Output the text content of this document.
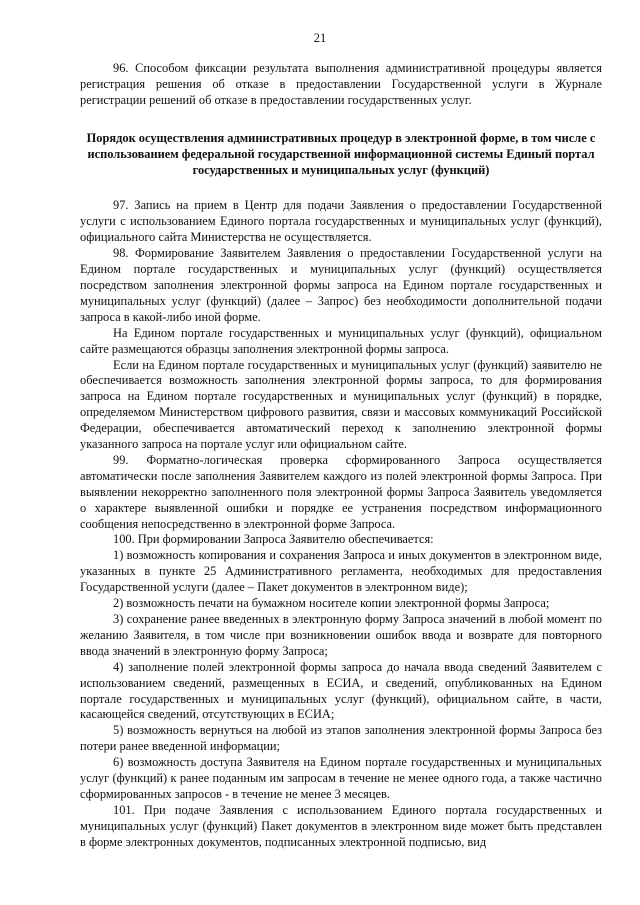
21

96. Способом фиксации результата выполнения административной процедуры является регистрация решения об отказе в предоставлении Государственной услуги в Журнале регистрации решений об отказе в предоставлении государственных услуг.

Порядок осуществления административных процедур в электронной форме, в том числе с использованием федеральной государственной информационной системы Единый портал государственных и муниципальных услуг (функций)

97. Запись на прием в Центр для подачи Заявления о предоставлении Государственной услуги с использованием Единого портала государственных и муниципальных услуг (функций), официального сайта Министерства не осуществляется.

98. Формирование Заявителем Заявления о предоставлении Государственной услуги на Едином портале государственных и муниципальных услуг (функций) осуществляется посредством заполнения электронной формы запроса на Едином портале государственных и муниципальных услуг (функций) (далее – Запрос) без необходимости дополнительной подачи запроса в какой-либо иной форме.

На Едином портале государственных и муниципальных услуг (функций), официальном сайте размещаются образцы заполнения электронной формы запроса.

Если на Едином портале государственных и муниципальных услуг (функций) заявителю не обеспечивается возможность заполнения электронной формы запроса, то для формирования запроса на Едином портале государственных и муниципальных услуг (функций) в порядке, определяемом Министерством цифрового развития, связи и массовых коммуникаций Российской Федерации, обеспечивается автоматический переход к заполнению электронной формы указанного запроса на портале услуг или официальном сайте.

99. Форматно-логическая проверка сформированного Запроса осуществляется автоматически после заполнения Заявителем каждого из полей электронной формы Запроса. При выявлении некорректно заполненного поля электронной формы Запроса Заявитель уведомляется о характере выявленной ошибки и порядке ее устранения посредством информационного сообщения непосредственно в электронной форме Запроса.

100. При формировании Запроса Заявителю обеспечивается:

1) возможность копирования и сохранения Запроса и иных документов в электронном виде, указанных в пункте 25 Административного регламента, необходимых для предоставления Государственной услуги (далее – Пакет документов в электронном виде);

2) возможность печати на бумажном носителе копии электронной формы Запроса;

3) сохранение ранее введенных в электронную форму Запроса значений в любой момент по желанию Заявителя, в том числе при возникновении ошибок ввода и возврате для повторного ввода значений в электронную форму Запроса;

4) заполнение полей электронной формы запроса до начала ввода сведений Заявителем с использованием сведений, размещенных в ЕСИА, и сведений, опубликованных на Едином портале государственных и муниципальных услуг (функций), официальном сайте, в части, касающейся сведений, отсутствующих в ЕСИА;

5) возможность вернуться на любой из этапов заполнения электронной формы Запроса без потери ранее введенной информации;

6) возможность доступа Заявителя на Едином портале государственных и муниципальных услуг (функций) к ранее поданным им запросам в течение не менее одного года, а также частично сформированных запросов - в течение не менее 3 месяцев.

101. При подаче Заявления с использованием Единого портала государственных и муниципальных услуг (функций) Пакет документов в электронном виде может быть представлен в форме электронных документов, подписанных электронной подписью, вид
